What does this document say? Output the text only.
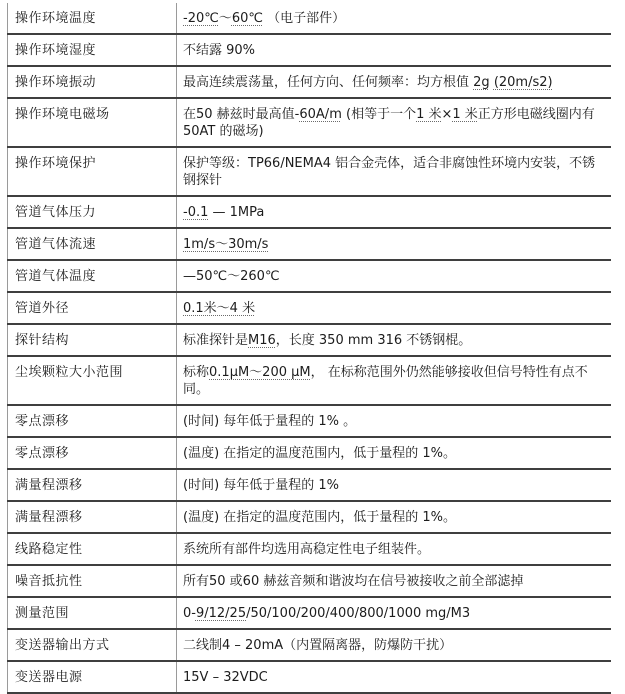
操作环境温度	-20℃～60℃ （电子部件）
操作环境湿度	不结露 90%
操作环境振动	最高连续震荡量，任何方向、任何频率：均方根值 2g (20m/s2)
操作环境电磁场	在50 赫兹时最高值-60A/m (相等于一个1 米×1 米正方形电磁线圈内有50AT 的磁场)
操作环境保护	保护等级：TP66/NEMA4 铝合金壳体，适合非腐蚀性环境内安装，不锈钢探针
管道气体压力	-0.1 — 1MPa
管道气体流速	1m/s～30m/s
管道气体温度	—50℃～260℃
管道外径	0.1米～4 米
探针结构	标准探针是M16，长度 350 mm 316 不锈钢棍。
尘埃颗粒大小范围	标称0.1μM～200 μM， 在标称范围外仍然能够接收但信号特性有点不同。
零点漂移	(时间) 每年低于量程的 1% 。
零点漂移	(温度) 在指定的温度范围内，低于量程的 1%。
满量程漂移	(时间) 每年低于量程的 1%
满量程漂移	(温度) 在指定的温度范围内，低于量程的 1%。
线路稳定性	系统所有部件均选用高稳定性电子组装件。
噪音抵抗性	所有50 或60 赫兹音频和谐波均在信号被接收之前全部滤掉
测量范围	0-9/12/25/50/100/200/400/800/1000 mg/M3
变送器输出方式	二线制4 – 20mA（内置隔离器，防爆防干扰）
变送器电源	15V – 32VDC
